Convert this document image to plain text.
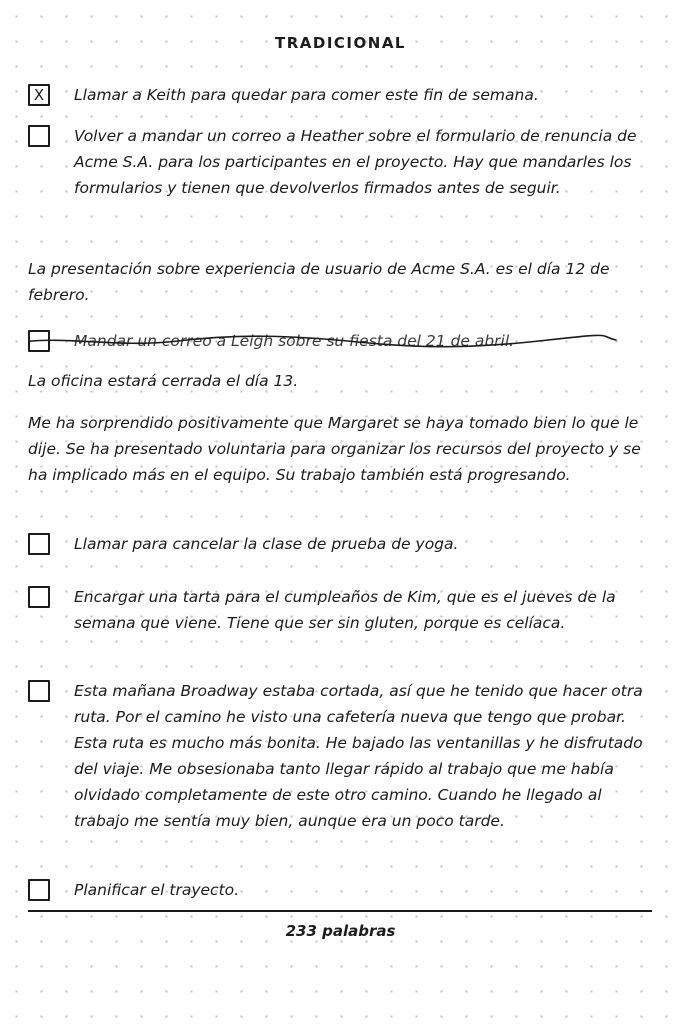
TRADICIONAL
X Llamar a Keith para quedar para comer este fin de semana.
Volver a mandar un correo a Heather sobre el formulario de renuncia de Acme S.A. para los participantes en el proyecto. Hay que mandarles los formularios y tienen que devolverlos firmados antes de seguir.
La presentación sobre experiencia de usuario de Acme S.A. es el día 12 de febrero.
Mandar un correo a Leigh sobre su fiesta del 21 de abril.
La oficina estará cerrada el día 13.
Me ha sorprendido positivamente que Margaret se haya tomado bien lo que le dije. Se ha presentado voluntaria para organizar los recursos del proyecto y se ha implicado más en el equipo. Su trabajo también está progresando.
Llamar para cancelar la clase de prueba de yoga.
Encargar una tarta para el cumpleaños de Kim, que es el jueves de la semana que viene. Tiene que ser sin gluten, porque es celíaca.
Esta mañana Broadway estaba cortada, así que he tenido que hacer otra ruta. Por el camino he visto una cafetería nueva que tengo que probar. Esta ruta es mucho más bonita. He bajado las ventanillas y he disfrutado del viaje. Me obsesionaba tanto llegar rápido al trabajo que me había olvidado completamente de este otro camino. Cuando he llegado al trabajo me sentía muy bien, aunque era un poco tarde.
Planificar el trayecto.
233 palabras
